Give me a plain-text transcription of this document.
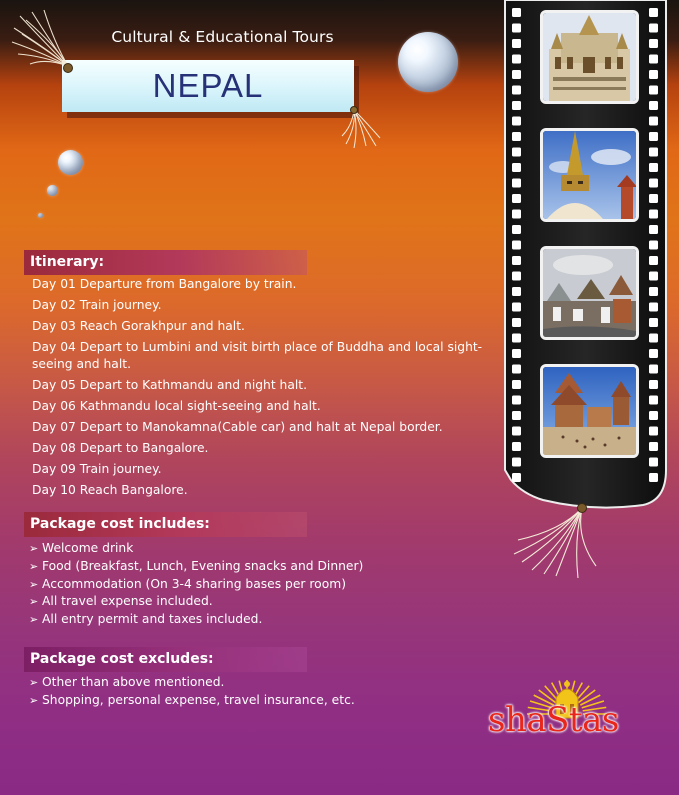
Cultural & Educational Tours
NEPAL
Itinerary:
Day 01 Departure from Bangalore by train.
Day 02 Train journey.
Day 03 Reach Gorakhpur and halt.
Day 04 Depart to Lumbini and visit birth place of Buddha and local sight-seeing and halt.
Day 05 Depart to Kathmandu and night halt.
Day 06 Kathmandu local sight-seeing and halt.
Day 07 Depart to Manokamna(Cable car) and halt at Nepal border.
Day 08 Depart to Bangalore.
Day 09 Train journey.
Day 10 Reach Bangalore.
Package cost includes:
➢ Welcome drink
➢ Food (Breakfast, Lunch, Evening snacks and Dinner)
➢ Accommodation (On 3-4 sharing bases per room)
➢ All travel expense included.
➢ All entry permit and taxes included.
Package cost excludes:
➢ Other than above mentioned.
➢ Shopping, personal expense, travel insurance, etc.
shaStas
